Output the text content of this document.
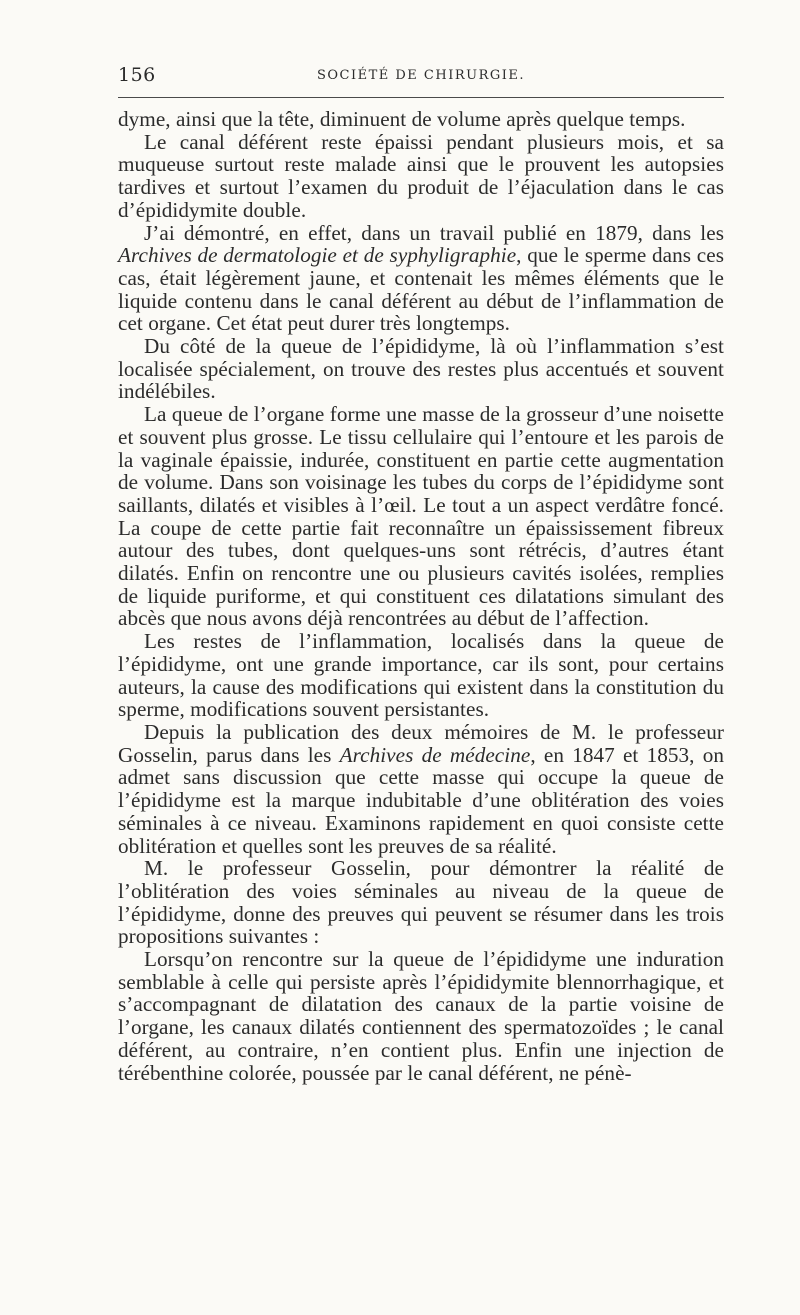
156	SOCIÉTÉ DE CHIRURGIE.

dyme, ainsi que la tête, diminuent de volume après quelque temps.

Le canal déférent reste épaissi pendant plusieurs mois, et sa muqueuse surtout reste malade ainsi que le prouvent les autopsies tardives et surtout l’examen du produit de l’éjaculation dans le cas d’épididymite double.

J’ai démontré, en effet, dans un travail publié en 1879, dans les Archives de dermatologie et de syphyligraphie, que le sperme dans ces cas, était légèrement jaune, et contenait les mêmes éléments que le liquide contenu dans le canal déférent au début de l’inflammation de cet organe. Cet état peut durer très longtemps.

Du côté de la queue de l’épididyme, là où l’inflammation s’est localisée spécialement, on trouve des restes plus accentués et souvent indélébiles.

La queue de l’organe forme une masse de la grosseur d’une noisette et souvent plus grosse. Le tissu cellulaire qui l’entoure et les parois de la vaginale épaissie, indurée, constituent en partie cette augmentation de volume. Dans son voisinage les tubes du corps de l’épididyme sont saillants, dilatés et visibles à l’œil. Le tout a un aspect verdâtre foncé. La coupe de cette partie fait reconnaître un épaississement fibreux autour des tubes, dont quelques-uns sont rétrécis, d’autres étant dilatés. Enfin on rencontre une ou plusieurs cavités isolées, remplies de liquide puriforme, et qui constituent ces dilatations simulant des abcès que nous avons déjà rencontrées au début de l’affection.

Les restes de l’inflammation, localisés dans la queue de l’épididyme, ont une grande importance, car ils sont, pour certains auteurs, la cause des modifications qui existent dans la constitution du sperme, modifications souvent persistantes.

Depuis la publication des deux mémoires de M. le professeur Gosselin, parus dans les Archives de médecine, en 1847 et 1853, on admet sans discussion que cette masse qui occupe la queue de l’épididyme est la marque indubitable d’une oblitération des voies séminales à ce niveau. Examinons rapidement en quoi consiste cette oblitération et quelles sont les preuves de sa réalité.

M. le professeur Gosselin, pour démontrer la réalité de l’oblitération des voies séminales au niveau de la queue de l’épididyme, donne des preuves qui peuvent se résumer dans les trois propositions suivantes :

Lorsqu’on rencontre sur la queue de l’épididyme une induration semblable à celle qui persiste après l’épididymite blennorrhagique, et s’accompagnant de dilatation des canaux de la partie voisine de l’organe, les canaux dilatés contiennent des spermatozoïdes ; le canal déférent, au contraire, n’en contient plus. Enfin une injection de térébenthine colorée, poussée par le canal déférent, ne pénè-
